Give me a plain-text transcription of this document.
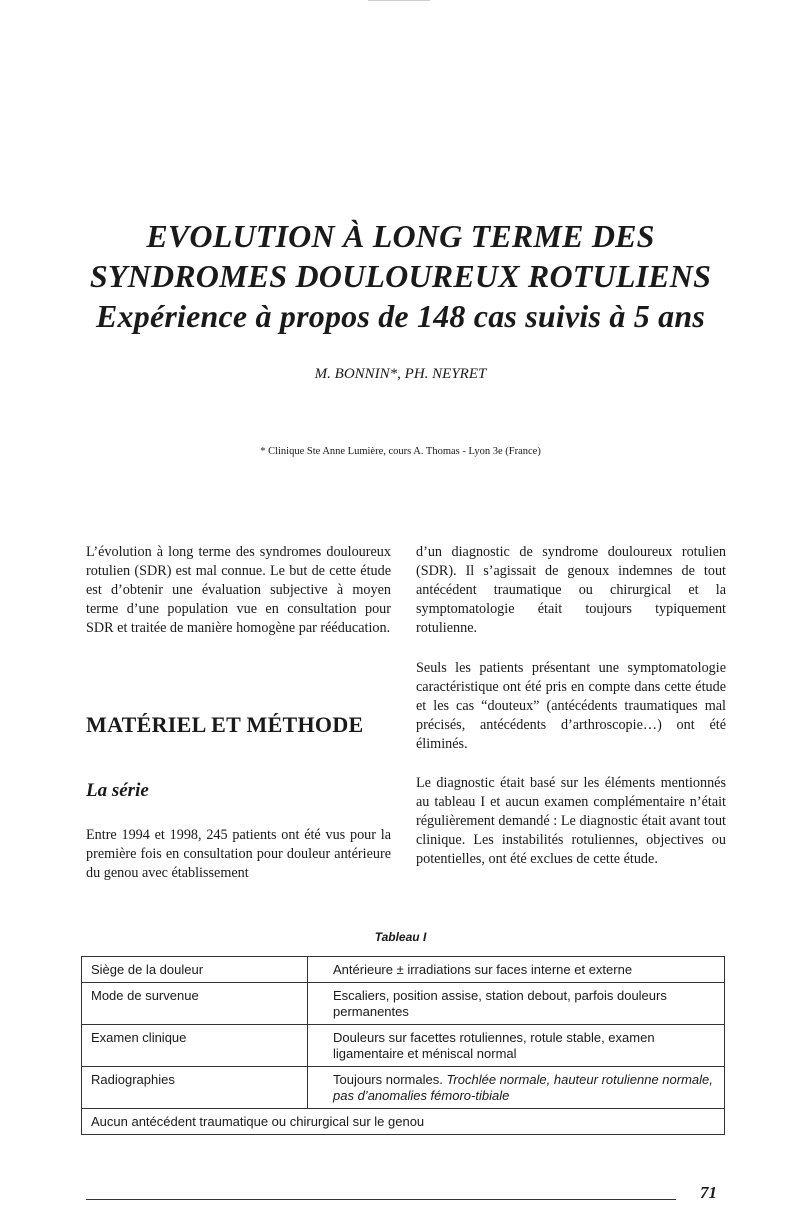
EVOLUTION À LONG TERME DES
SYNDROMES DOULOUREUX ROTULIENS
Expérience à propos de 148 cas suivis à 5 ans
M. BONNIN*, PH. NEYRET
* Clinique Ste Anne Lumière, cours A. Thomas - Lyon 3e (France)

L’évolution à long terme des syndromes douloureux rotulien (SDR) est mal connue. Le but de cette étude est d’obtenir une évaluation subjective à moyen terme d’une population vue en consultation pour SDR et traitée de manière homogène par rééducation.

MATÉRIEL ET MÉTHODE
La série

Entre 1994 et 1998, 245 patients ont été vus pour la première fois en consultation pour douleur antérieure du genou avec établissement

d’un diagnostic de syndrome douloureux rotulien (SDR). Il s’agissait de genoux indemnes de tout antécédent traumatique ou chirurgical et la symptomatologie était toujours typiquement rotulienne.

Seuls les patients présentant une symptomatologie caractéristique ont été pris en compte dans cette étude et les cas “douteux” (antécédents traumatiques mal précisés, antécédents d’arthroscopie…) ont été éliminés.

Le diagnostic était basé sur les éléments mentionnés au tableau I et aucun examen complémentaire n’était régulièrement demandé : Le diagnostic était avant tout clinique. Les instabilités rotuliennes, objectives ou potentielles, ont été exclues de cette étude.

Tableau I
Siège de la douleur	Antérieure ± irradiations sur faces interne et externe
Mode de survenue	Escaliers, position assise, station debout, parfois douleurs permanentes
Examen clinique	Douleurs sur facettes rotuliennes, rotule stable, examen ligamentaire et méniscal normal
Radiographies	Toujours normales. Trochlée normale, hauteur rotulienne normale, pas d’anomalies fémoro-tibiale
Aucun antécédent traumatique ou chirurgical sur le genou	
71
